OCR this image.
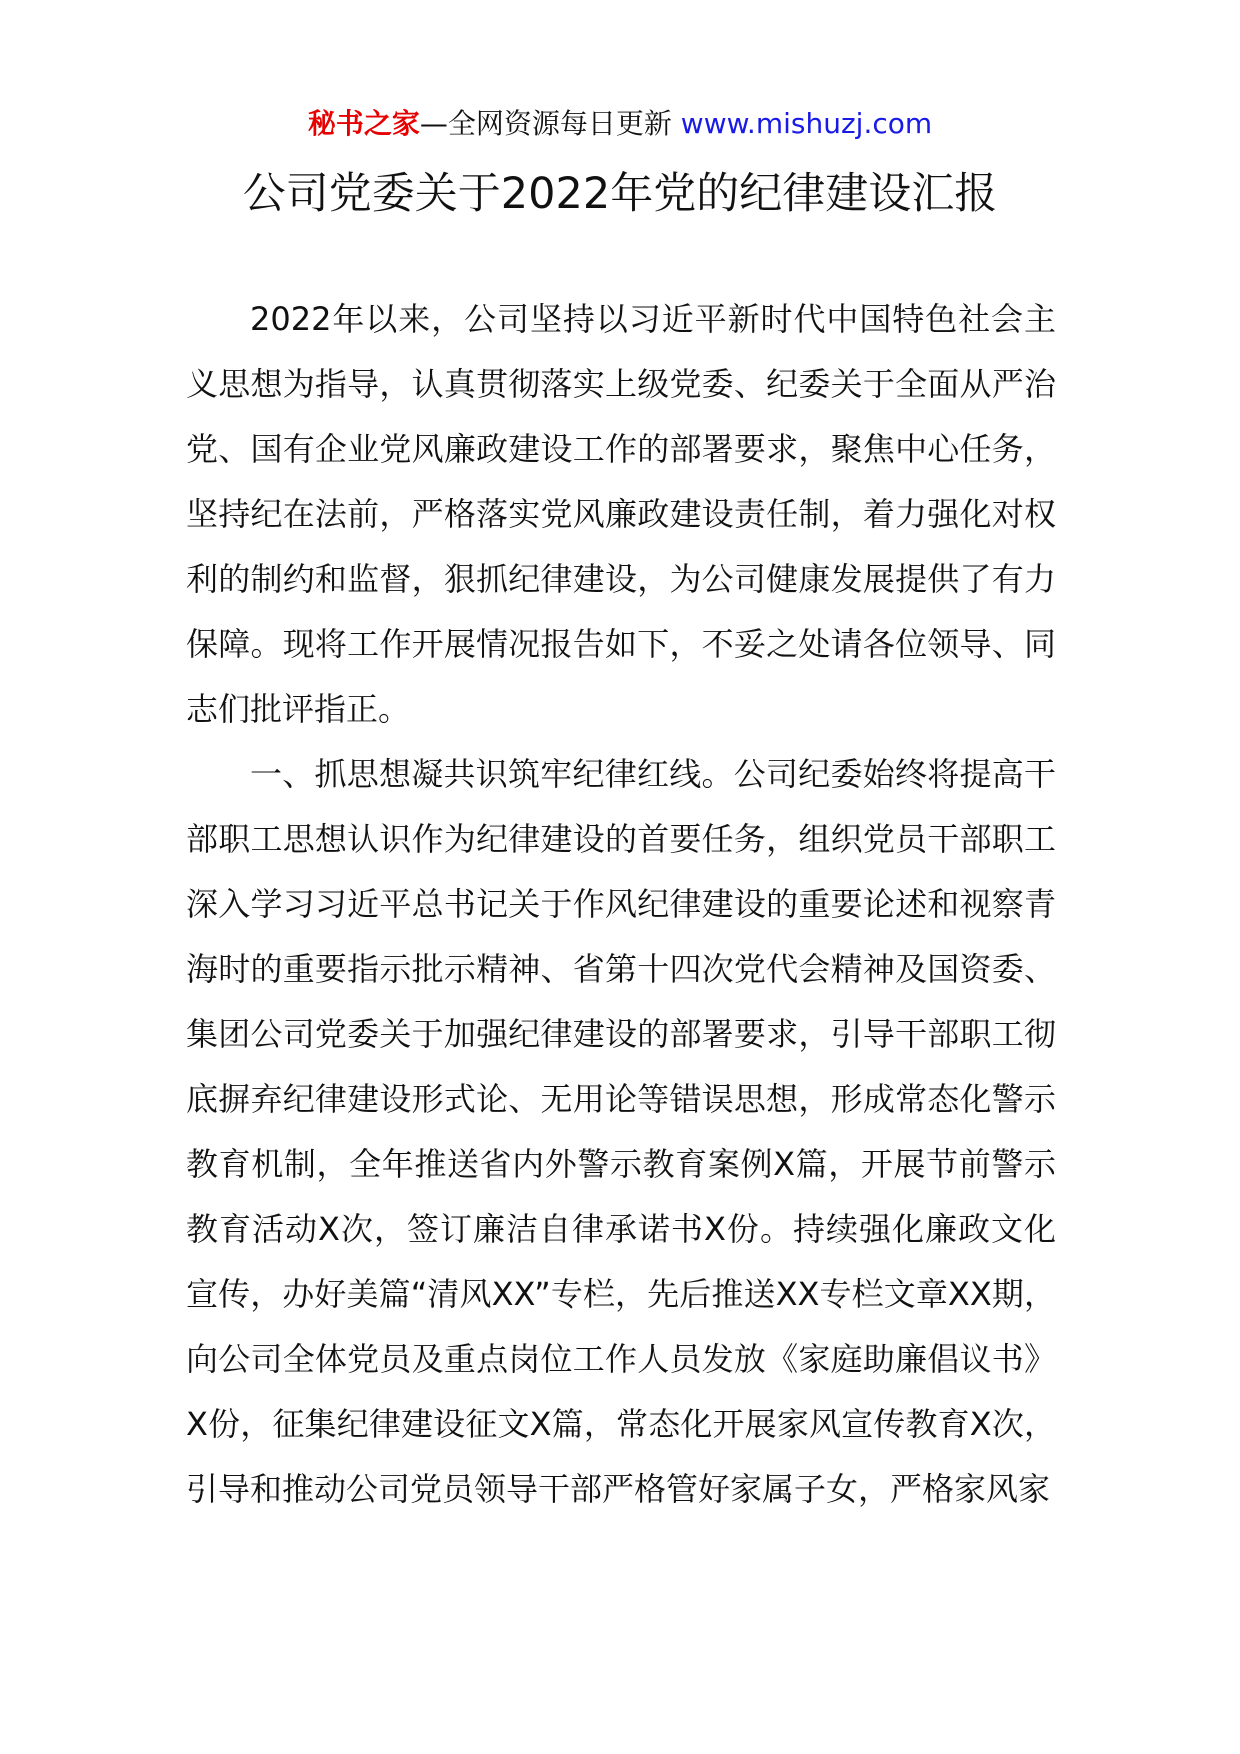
秘书之家—全网资源每日更新 www.mishuzj.com
公司党委关于2022年党的纪律建设汇报

2022年以来，公司坚持以习近平新时代中国特色社会主义思想为指导，认真贯彻落实上级党委、纪委关于全面从严治党、国有企业党风廉政建设工作的部署要求，聚焦中心任务，坚持纪在法前，严格落实党风廉政建设责任制，着力强化对权利的制约和监督，狠抓纪律建设，为公司健康发展提供了有力保障。现将工作开展情况报告如下，不妥之处请各位领导、同志们批评指正。

一、抓思想凝共识筑牢纪律红线。公司纪委始终将提高干部职工思想认识作为纪律建设的首要任务，组织党员干部职工深入学习习近平总书记关于作风纪律建设的重要论述和视察青海时的重要指示批示精神、省第十四次党代会精神及国资委、集团公司党委关于加强纪律建设的部署要求，引导干部职工彻底摒弃纪律建设形式论、无用论等错误思想，形成常态化警示教育机制，全年推送省内外警示教育案例X篇，开展节前警示教育活动X次，签订廉洁自律承诺书X份。持续强化廉政文化宣传，办好美篇“清风XX”专栏，先后推送XX专栏文章XX期，向公司全体党员及重点岗位工作人员发放《家庭助廉倡议书》X份，征集纪律建设征文X篇，常态化开展家风宣传教育X次，引导和推动公司党员领导干部严格管好家属子女，严格家风家
